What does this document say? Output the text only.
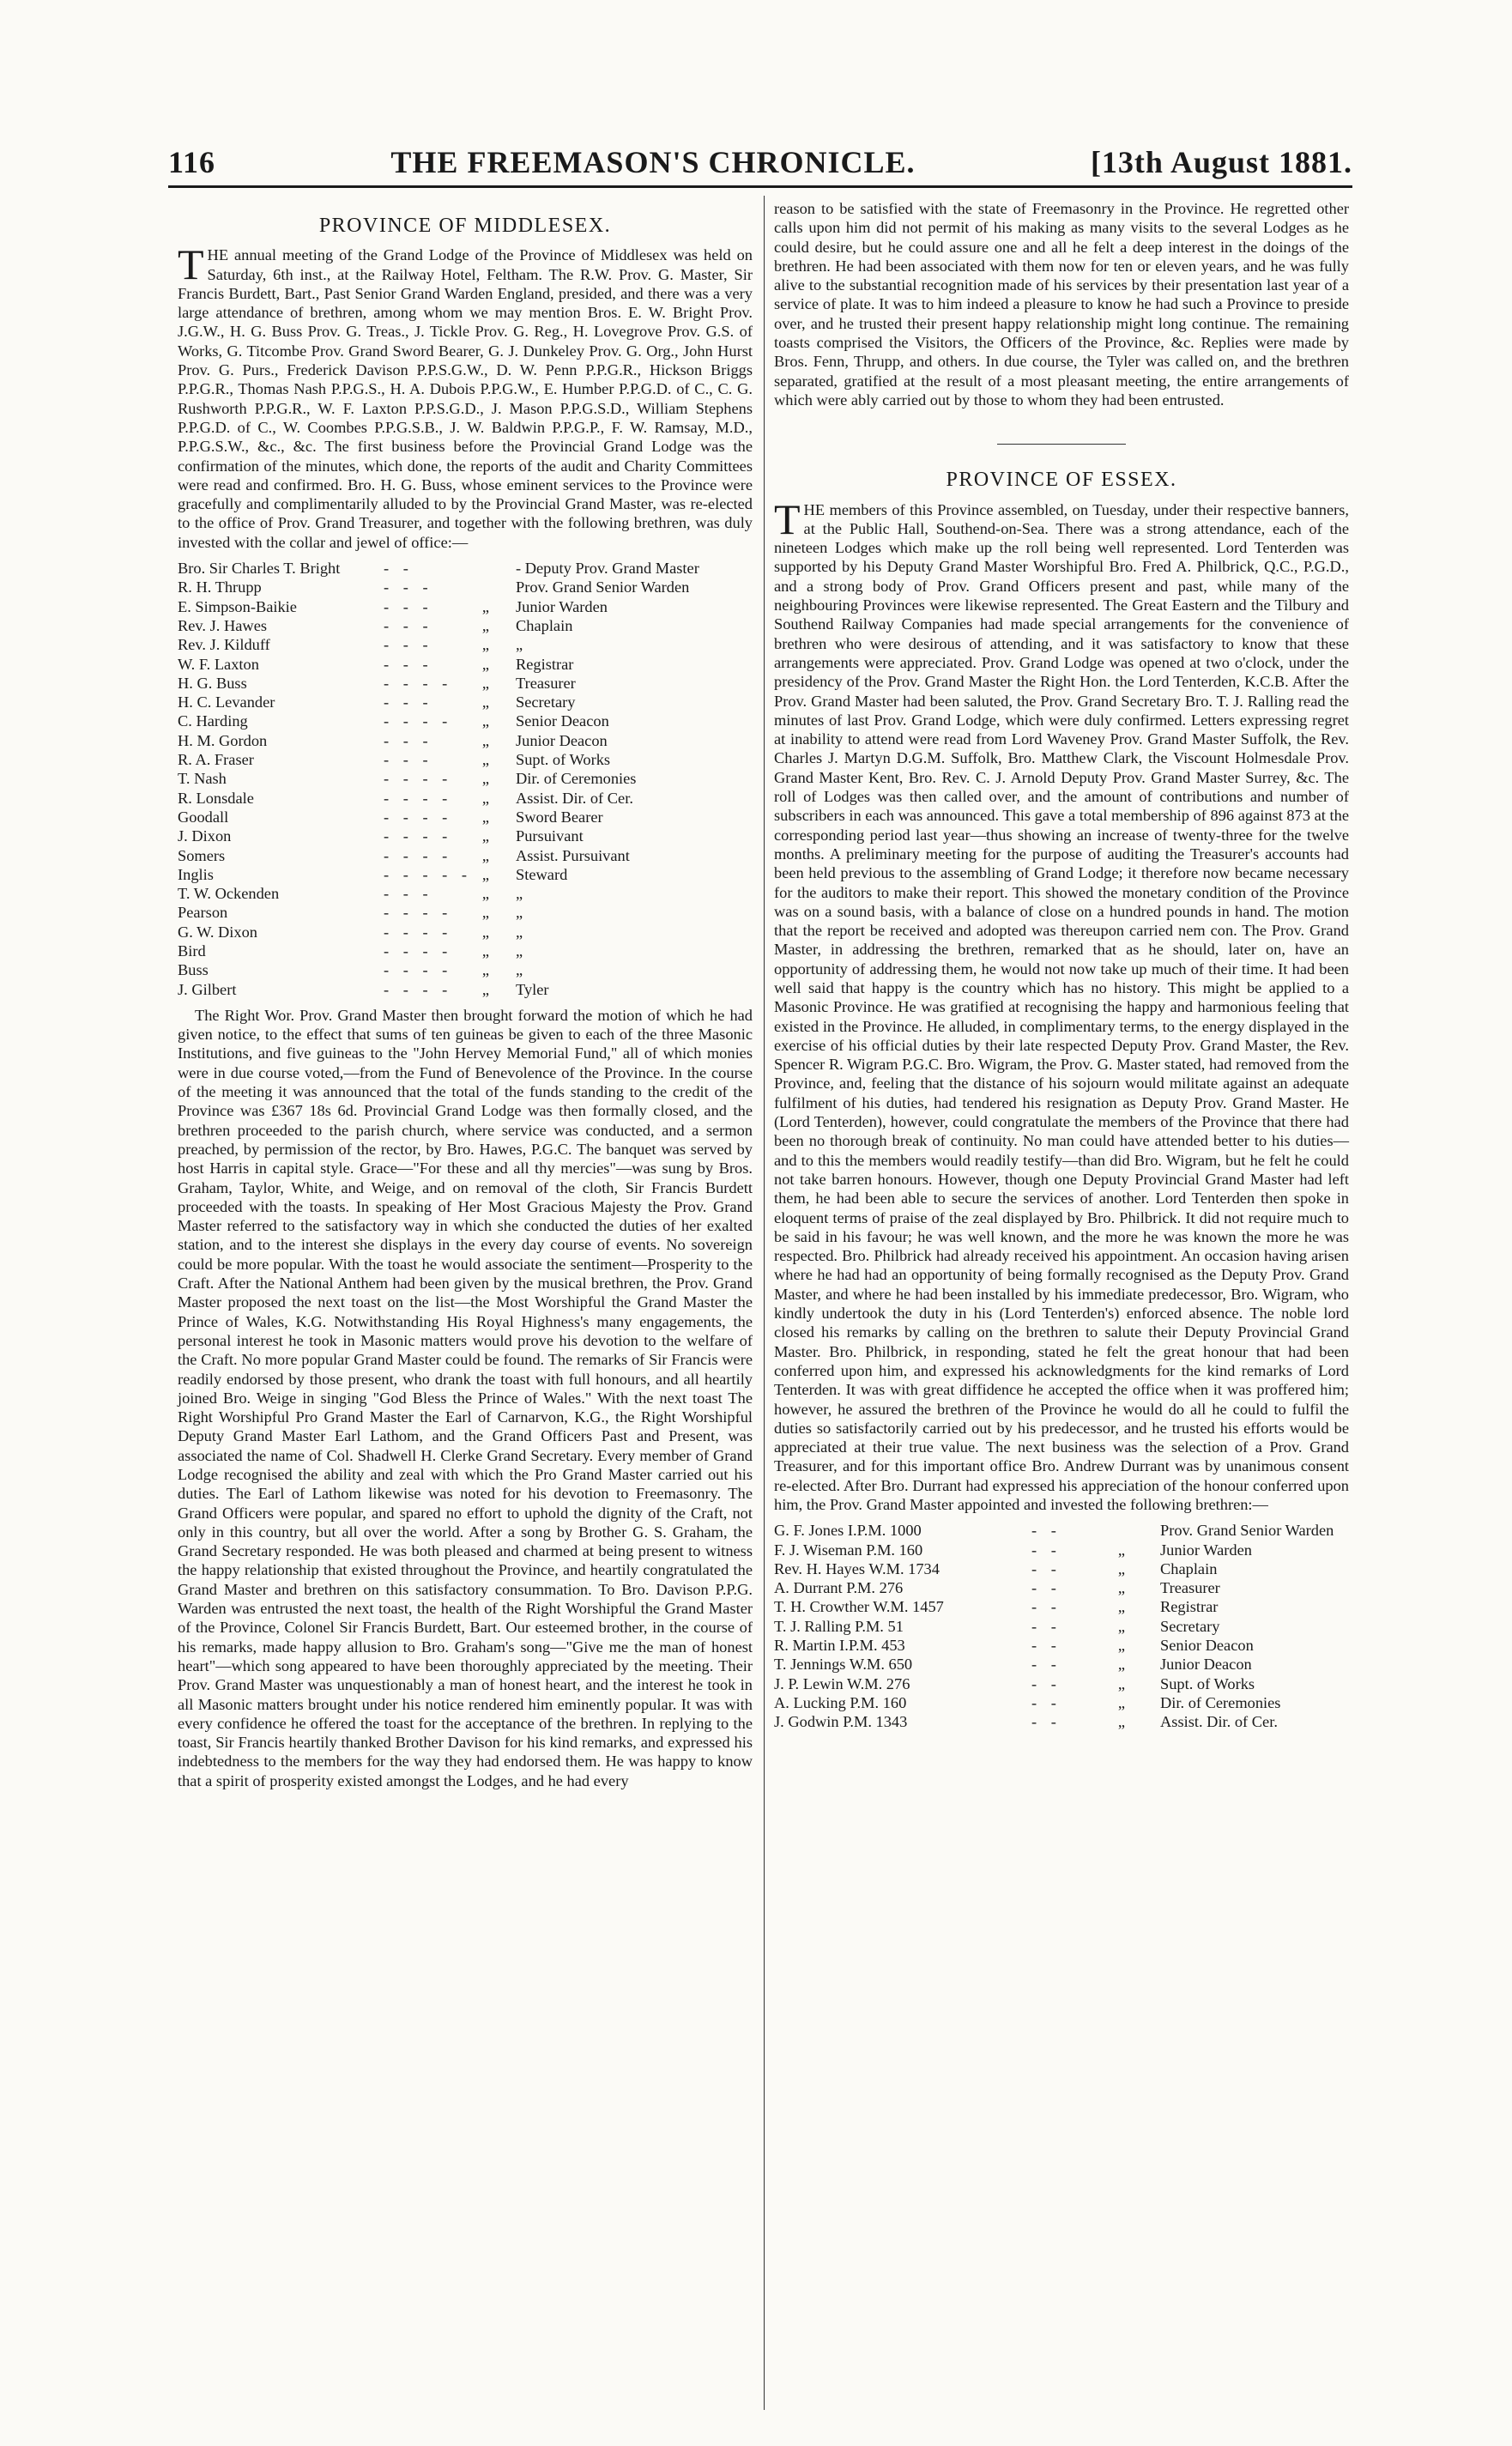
116	THE FREEMASON'S CHRONICLE.	[13th August 1881.
PROVINCE OF MIDDLESEX.

THE annual meeting of the Grand Lodge of the Province of Middlesex was held on Saturday, 6th inst., at the Railway Hotel, Feltham. The R.W. Prov. G. Master, Sir Francis Burdett, Bart., Past Senior Grand Warden England, presided, and there was a very large attendance of brethren, among whom we may mention Bros. E. W. Bright Prov. J.G.W., H. G. Buss Prov. G. Treas., J. Tickle Prov. G. Reg., H. Lovegrove Prov. G.S. of Works, G. Titcombe Prov. Grand Sword Bearer, G. J. Dunkeley Prov. G. Org., John Hurst Prov. G. Purs., Frederick Davison P.P.S.G.W., D. W. Penn P.P.G.R., Hickson Briggs P.P.G.R., Thomas Nash P.P.G.S., H. A. Dubois P.P.G.W., E. Humber P.P.G.D. of C., C. G. Rushworth P.P.G.R., W. F. Laxton P.P.S.G.D., J. Mason P.P.G.S.D., William Stephens P.P.G.D. of C., W. Coombes P.P.G.S.B., J. W. Baldwin P.P.G.P., F. W. Ramsay, M.D., P.P.G.S.W., &c., &c. The first business before the Provincial Grand Lodge was the confirmation of the minutes, which done, the reports of the audit and Charity Committees were read and confirmed. Bro. H. G. Buss, whose eminent services to the Province were gracefully and complimentarily alluded to by the Provincial Grand Master, was re-elected to the office of Prov. Grand Treasurer, and together with the following brethren, was duly invested with the collar and jewel of office:—

Bro. Sir Charles T. Bright	- -	- Deputy Prov. Grand Master
R. H. Thrupp	- - -	Prov. Grand Senior Warden
E. Simpson-Baikie	- - -	„	Junior Warden
Rev. J. Hawes	- - -	„	Chaplain
Rev. J. Kilduff	- - -	„	„
W. F. Laxton	- - -	„	Registrar
H. G. Buss	- - - -	„	Treasurer
H. C. Levander	- - -	„	Secretary
C. Harding	- - - -	„	Senior Deacon
H. M. Gordon	- - -	„	Junior Deacon
R. A. Fraser	- - -	„	Supt. of Works
T. Nash	- - - -	„	Dir. of Ceremonies
R. Lonsdale	- - - -	„	Assist. Dir. of Cer.
Goodall	- - - -	„	Sword Bearer
J. Dixon	- - - -	„	Pursuivant
Somers	- - - -	„	Assist. Pursuivant
Inglis	- - - - - „	Steward
T. W. Ockenden	- - -	„	„
Pearson	- - - -	„	„
G. W. Dixon	- - - -	„	„
Bird	- - - -	„	„
Buss	- - - -	„	„
J. Gilbert	- - - -	„	Tyler

The Right Wor. Prov. Grand Master then brought forward the motion of which he had given notice, to the effect that sums of ten guineas be given to each of the three Masonic Institutions, and five guineas to the "John Hervey Memorial Fund," all of which monies were in due course voted,—from the Fund of Benevolence of the Province. In the course of the meeting it was announced that the total of the funds standing to the credit of the Province was £367 18s 6d. Provincial Grand Lodge was then formally closed, and the brethren proceeded to the parish church, where service was conducted, and a sermon preached, by permission of the rector, by Bro. Hawes, P.G.C. The banquet was served by host Harris in capital style. Grace—"For these and all thy mercies"—was sung by Bros. Graham, Taylor, White, and Weige, and on removal of the cloth, Sir Francis Burdett proceeded with the toasts. In speaking of Her Most Gracious Majesty the Prov. Grand Master referred to the satisfactory way in which she conducted the duties of her exalted station, and to the interest she displays in the every day course of events. No sovereign could be more popular. With the toast he would associate the sentiment—Prosperity to the Craft. After the National Anthem had been given by the musical brethren, the Prov. Grand Master proposed the next toast on the list—the Most Worshipful the Grand Master the Prince of Wales, K.G. Notwithstanding His Royal Highness's many engagements, the personal interest he took in Masonic matters would prove his devotion to the welfare of the Craft. No more popular Grand Master could be found. The remarks of Sir Francis were readily endorsed by those present, who drank the toast with full honours, and all heartily joined Bro. Weige in singing "God Bless the Prince of Wales." With the next toast The Right Worshipful Pro Grand Master the Earl of Carnarvon, K.G., the Right Worshipful Deputy Grand Master Earl Lathom, and the Grand Officers Past and Present, was associated the name of Col. Shadwell H. Clerke Grand Secretary. Every member of Grand Lodge recognised the ability and zeal with which the Pro Grand Master carried out his duties. The Earl of Lathom likewise was noted for his devotion to Freemasonry. The Grand Officers were popular, and spared no effort to uphold the dignity of the Craft, not only in this country, but all over the world. After a song by Brother G. S. Graham, the Grand Secretary responded. He was both pleased and charmed at being present to witness the happy relationship that existed throughout the Province, and heartily congratulated the Grand Master and brethren on this satisfactory consummation. To Bro. Davison P.P.G. Warden was entrusted the next toast, the health of the Right Worshipful the Grand Master of the Province, Colonel Sir Francis Burdett, Bart. Our esteemed brother, in the course of his remarks, made happy allusion to Bro. Graham's song—"Give me the man of honest heart"—which song appeared to have been thoroughly appreciated by the meeting. Their Prov. Grand Master was unquestionably a man of honest heart, and the interest he took in all Masonic matters brought under his notice rendered him eminently popular. It was with every confidence he offered the toast for the acceptance of the brethren. In replying to the toast, Sir Francis heartily thanked Brother Davison for his kind remarks, and expressed his indebtedness to the members for the way they had endorsed them. He was happy to know that a spirit of prosperity existed amongst the Lodges, and he had every

reason to be satisfied with the state of Freemasonry in the Province. He regretted other calls upon him did not permit of his making as many visits to the several Lodges as he could desire, but he could assure one and all he felt a deep interest in the doings of the brethren. He had been associated with them now for ten or eleven years, and he was fully alive to the substantial recognition made of his services by their presentation last year of a service of plate. It was to him indeed a pleasure to know he had such a Province to preside over, and he trusted their present happy relationship might long continue. The remaining toasts comprised the Visitors, the Officers of the Province, &c. Replies were made by Bros. Fenn, Thrupp, and others. In due course, the Tyler was called on, and the brethren separated, gratified at the result of a most pleasant meeting, the entire arrangements of which were ably carried out by those to whom they had been entrusted.

PROVINCE OF ESSEX.

THE members of this Province assembled, on Tuesday, under their respective banners, at the Public Hall, Southend-on-Sea. There was a strong attendance, each of the nineteen Lodges which make up the roll being well represented. Lord Tenterden was supported by his Deputy Grand Master Worshipful Bro. Fred A. Philbrick, Q.C., P.G.D., and a strong body of Prov. Grand Officers present and past, while many of the neighbouring Provinces were likewise represented. The Great Eastern and the Tilbury and Southend Railway Companies had made special arrangements for the convenience of brethren who were desirous of attending, and it was satisfactory to know that these arrangements were appreciated. Prov. Grand Lodge was opened at two o'clock, under the presidency of the Prov. Grand Master the Right Hon. the Lord Tenterden, K.C.B. After the Prov. Grand Master had been saluted, the Prov. Grand Secretary Bro. T. J. Ralling read the minutes of last Prov. Grand Lodge, which were duly confirmed. Letters expressing regret at inability to attend were read from Lord Waveney Prov. Grand Master Suffolk, the Rev. Charles J. Martyn D.G.M. Suffolk, Bro. Matthew Clark, the Viscount Holmesdale Prov. Grand Master Kent, Bro. Rev. C. J. Arnold Deputy Prov. Grand Master Surrey, &c. The roll of Lodges was then called over, and the amount of contributions and number of subscribers in each was announced. This gave a total membership of 896 against 873 at the corresponding period last year—thus showing an increase of twenty-three for the twelve months. A preliminary meeting for the purpose of auditing the Treasurer's accounts had been held previous to the assembling of Grand Lodge; it therefore now became necessary for the auditors to make their report. This showed the monetary condition of the Province was on a sound basis, with a balance of close on a hundred pounds in hand. The motion that the report be received and adopted was thereupon carried nem con. The Prov. Grand Master, in addressing the brethren, remarked that as he should, later on, have an opportunity of addressing them, he would not now take up much of their time. It had been well said that happy is the country which has no history. This might be applied to a Masonic Province. He was gratified at recognising the happy and harmonious feeling that existed in the Province. He alluded, in complimentary terms, to the energy displayed in the exercise of his official duties by their late respected Deputy Prov. Grand Master, the Rev. Spencer R. Wigram P.G.C. Bro. Wigram, the Prov. G. Master stated, had removed from the Province, and, feeling that the distance of his sojourn would militate against an adequate fulfilment of his duties, had tendered his resignation as Deputy Prov. Grand Master. He (Lord Tenterden), however, could congratulate the members of the Province that there had been no thorough break of continuity. No man could have attended better to his duties—and to this the members would readily testify—than did Bro. Wigram, but he felt he could not take barren honours. However, though one Deputy Provincial Grand Master had left them, he had been able to secure the services of another. Lord Tenterden then spoke in eloquent terms of praise of the zeal displayed by Bro. Philbrick. It did not require much to be said in his favour; he was well known, and the more he was known the more he was respected. Bro. Philbrick had already received his appointment. An occasion having arisen where he had had an opportunity of being formally recognised as the Deputy Prov. Grand Master, and where he had been installed by his immediate predecessor, Bro. Wigram, who kindly undertook the duty in his (Lord Tenterden's) enforced absence. The noble lord closed his remarks by calling on the brethren to salute their Deputy Provincial Grand Master. Bro. Philbrick, in responding, stated he felt the great honour that had been conferred upon him, and expressed his acknowledgments for the kind remarks of Lord Tenterden. It was with great diffidence he accepted the office when it was proffered him; however, he assured the brethren of the Province he would do all he could to fulfil the duties so satisfactorily carried out by his predecessor, and he trusted his efforts would be appreciated at their true value. The next business was the selection of a Prov. Grand Treasurer, and for this important office Bro. Andrew Durrant was by unanimous consent re-elected. After Bro. Durrant had expressed his appreciation of the honour conferred upon him, the Prov. Grand Master appointed and invested the following brethren:—

G. F. Jones I.P.M. 1000	- -	Prov. Grand Senior Warden
F. J. Wiseman P.M. 160	- -	„	Junior Warden
Rev. H. Hayes W.M. 1734	- -	„	Chaplain
A. Durrant P.M. 276	- -	„	Treasurer
T. H. Crowther W.M. 1457	- -	„	Registrar
T. J. Ralling P.M. 51	- -	„	Secretary
R. Martin I.P.M. 453	- -	„	Senior Deacon
T. Jennings W.M. 650	- -	„	Junior Deacon
J. P. Lewin W.M. 276	- -	„	Supt. of Works
A. Lucking P.M. 160	- -	„	Dir. of Ceremonies
J. Godwin P.M. 1343	- -	„	Assist. Dir. of Cer.
